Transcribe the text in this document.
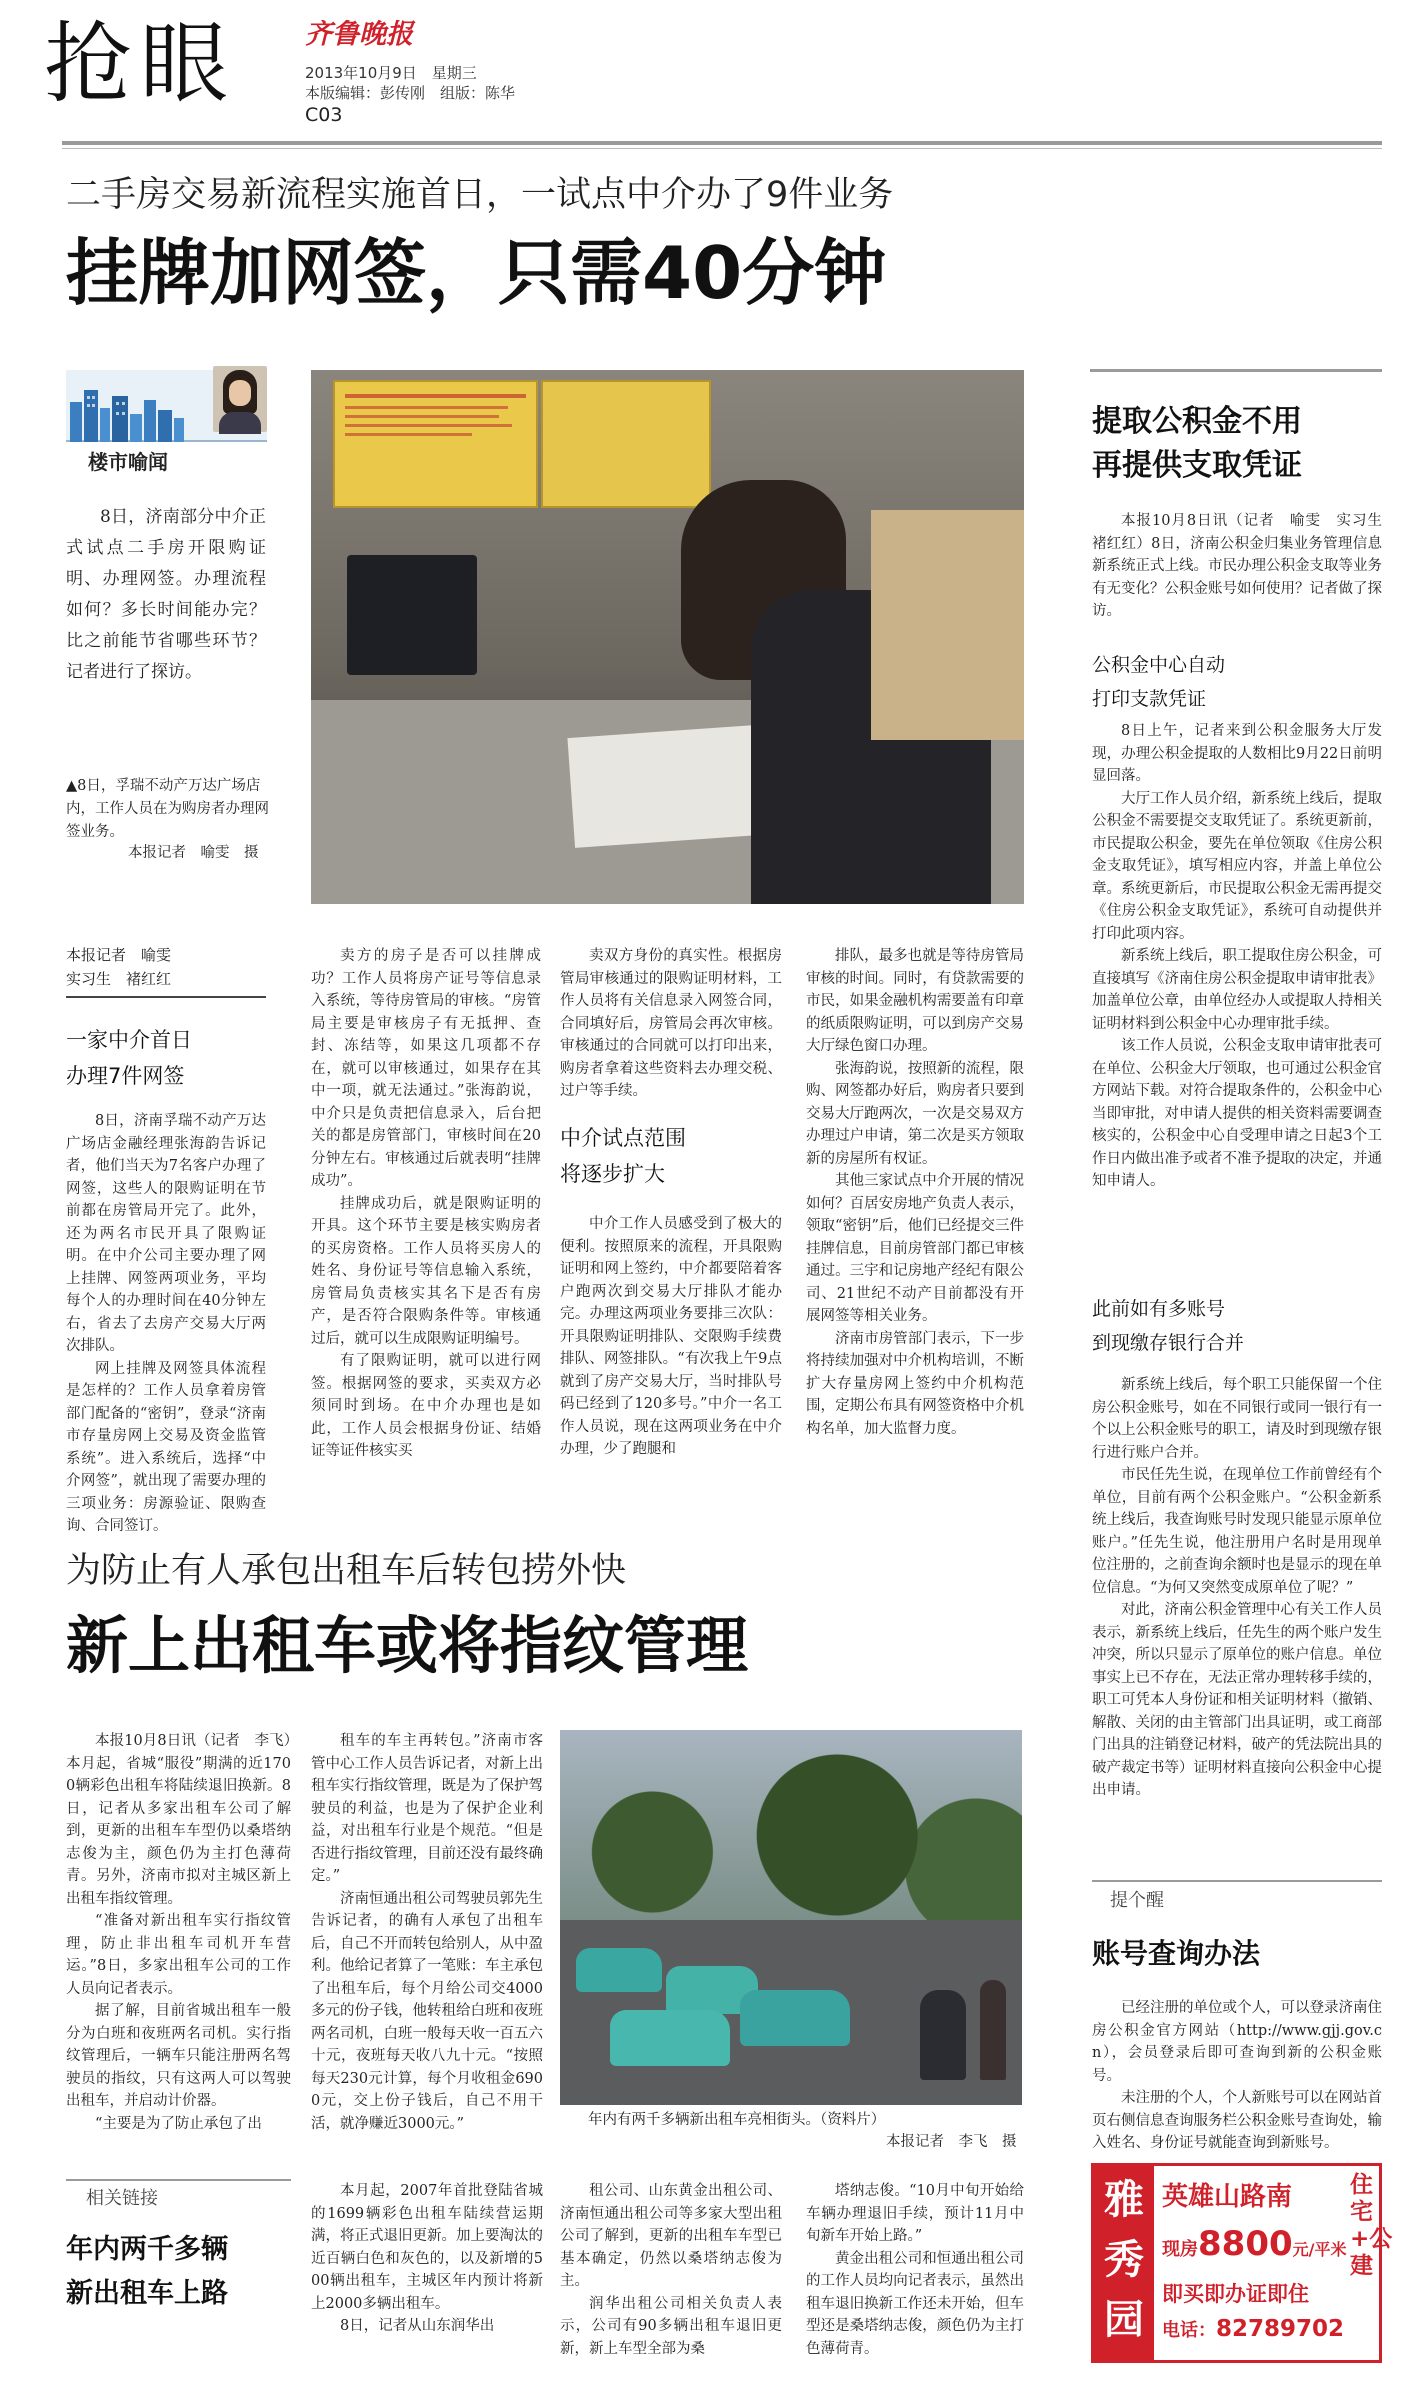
抢眼	齐鲁晚报
2013年10月9日　星期三
本版编辑：彭传刚　组版：陈华
C03
二手房交易新流程实施首日，一试点中介办了9件业务
挂牌加网签，只需40分钟
楼市喻闻
8日，济南部分中介正式试点二手房开限购证明、办理网签。办理流程如何？多长时间能办完？比之前能节省哪些环节？记者进行了探访。
▲8日，孚瑞不动产万达广场店内，工作人员在为购房者办理网签业务。
本报记者　喻雯　摄
本报记者　喻雯
实习生　褚红红
一家中介首日
办理7件网签

8日，济南孚瑞不动产万达广场店金融经理张海韵告诉记者，他们当天为7名客户办理了网签，这些人的限购证明在节前都在房管局开完了。此外，还为两名市民开具了限购证明。在中介公司主要办理了网上挂牌、网签两项业务，平均每个人的办理时间在40分钟左右，省去了去房产交易大厅两次排队。

网上挂牌及网签具体流程是怎样的？工作人员拿着房管部门配备的“密钥”，登录“济南市存量房网上交易及资金监管系统”。进入系统后，选择“中介网签”，就出现了需要办理的三项业务：房源验证、限购查询、合同签订。

卖方的房子是否可以挂牌成功？工作人员将房产证号等信息录入系统，等待房管局的审核。“房管局主要是审核房子有无抵押、查封、冻结等，如果这几项都不存在，就可以审核通过，如果存在其中一项，就无法通过。”张海韵说，中介只是负责把信息录入，后台把关的都是房管部门，审核时间在20分钟左右。审核通过后就表明“挂牌成功”。

挂牌成功后，就是限购证明的开具。这个环节主要是核实购房者的买房资格。工作人员将买房人的姓名、身份证号等信息输入系统，房管局负责核实其名下是否有房产，是否符合限购条件等。审核通过后，就可以生成限购证明编号。

有了限购证明，就可以进行网签。根据网签的要求，买卖双方必须同时到场。在中介办理也是如此，工作人员会根据身份证、结婚证等证件核实买

卖双方身份的真实性。根据房管局审核通过的限购证明材料，工作人员将有关信息录入网签合同，合同填好后，房管局会再次审核。审核通过的合同就可以打印出来，购房者拿着这些资料去办理交税、过户等手续。
中介试点范围
将逐步扩大
中介工作人员感受到了极大的便利。按照原来的流程，开具限购证明和网上签约，中介都要陪着客户跑两次到交易大厅排队才能办完。办理这两项业务要排三次队：开具限购证明排队、交限购手续费排队、网签排队。“有次我上午9点就到了房产交易大厅，当时排队号码已经到了120多号。”中介一名工作人员说，现在这两项业务在中介办理，少了跑腿和

排队，最多也就是等待房管局审核的时间。同时，有贷款需要的市民，如果金融机构需要盖有印章的纸质限购证明，可以到房产交易大厅绿色窗口办理。

张海韵说，按照新的流程，限购、网签都办好后，购房者只要到交易大厅跑两次，一次是交易双方办理过户申请，第二次是买方领取新的房屋所有权证。

其他三家试点中介开展的情况如何？百居安房地产负责人表示，领取“密钥”后，他们已经提交三件挂牌信息，目前房管部门都已审核通过。三宇和记房地产经纪有限公司、21世纪不动产目前都没有开展网签等相关业务。

济南市房管部门表示，下一步将持续加强对中介机构培训，不断扩大存量房网上签约中介机构范围，定期公布具有网签资格中介机构名单，加大监督力度。

为防止有人承包出租车后转包捞外快
新上出租车或将指纹管理

本报10月8日讯（记者　李飞）本月起，省城“服役”期满的近1700辆彩色出租车将陆续退旧换新。8日，记者从多家出租车公司了解到，更新的出租车车型仍以桑塔纳志俊为主，颜色仍为主打色薄荷青。另外，济南市拟对主城区新上出租车指纹管理。

“准备对新出租车实行指纹管理，防止非出租车司机开车营运。”8日，多家出租车公司的工作人员向记者表示。

据了解，目前省城出租车一般分为白班和夜班两名司机。实行指纹管理后，一辆车只能注册两名驾驶员的指纹，只有这两人可以驾驶出租车，并启动计价器。

“主要是为了防止承包了出

租车的车主再转包。”济南市客管中心工作人员告诉记者，对新上出租车实行指纹管理，既是为了保护驾驶员的利益，也是为了保护企业利益，对出租车行业是个规范。“但是否进行指纹管理，目前还没有最终确定。”

济南恒通出租公司驾驶员郭先生告诉记者，的确有人承包了出租车后，自己不开而转包给别人，从中盈利。他给记者算了一笔账：车主承包了出租车后，每个月给公司交4000多元的份子钱，他转租给白班和夜班两名司机，白班一般每天收一百五六十元，夜班每天收八九十元。“按照每天230元计算，每个月收租金6900元，交上份子钱后，自己不用干活，就净赚近3000元。”	年内有两千多辆新出租车亮相街头。（资料片）
本报记者　李飞　摄
相关链接
年内两千多辆
新出租车上路

本月起，2007年首批登陆省城的1699辆彩色出租车陆续营运期满，将正式退旧更新。加上要淘汰的近百辆白色和灰色的，以及新增的500辆出租车，主城区年内预计将新上2000多辆出租车。

8日，记者从山东润华出

租公司、山东黄金出租公司、济南恒通出租公司等多家大型出租公司了解到，更新的出租车车型已基本确定，仍然以桑塔纳志俊为主。

润华出租公司相关负责人表示，公司有90多辆出租车退旧更新，新上车型全部为桑

塔纳志俊。“10月中旬开始给车辆办理退旧手续，预计11月中旬新车开始上路。”

黄金出租公司和恒通出租公司的工作人员均向记者表示，虽然出租车退旧换新工作还未开始，但车型还是桑塔纳志俊，颜色仍为主打色薄荷青。

提取公积金不用
再提供支取凭证
本报10月8日讯（记者　喻雯　实习生　褚红红）8日，济南公积金归集业务管理信息新系统正式上线。市民办理公积金支取等业务有无变化？公积金账号如何使用？记者做了探访。
公积金中心自动
打印支款凭证

8日上午，记者来到公积金服务大厅发现，办理公积金提取的人数相比9月22日前明显回落。

大厅工作人员介绍，新系统上线后，提取公积金不需要提交支取凭证了。系统更新前，市民提取公积金，要先在单位领取《住房公积金支取凭证》，填写相应内容，并盖上单位公章。系统更新后，市民提取公积金无需再提交《住房公积金支取凭证》，系统可自动提供并打印此项内容。

新系统上线后，职工提取住房公积金，可直接填写《济南住房公积金提取申请审批表》加盖单位公章，由单位经办人或提取人持相关证明材料到公积金中心办理审批手续。

该工作人员说，公积金支取申请审批表可在单位、公积金大厅领取，也可通过公积金官方网站下载。对符合提取条件的，公积金中心当即审批，对申请人提供的相关资料需要调查核实的，公积金中心自受理申请之日起3个工作日内做出准予或者不准予提取的决定，并通知申请人。

此前如有多账号
到现缴存银行合并

新系统上线后，每个职工只能保留一个住房公积金账号，如在不同银行或同一银行有一个以上公积金账号的职工，请及时到现缴存银行进行账户合并。

市民任先生说，在现单位工作前曾经有个单位，目前有两个公积金账户。“公积金新系统上线后，我查询账号时发现只能显示原单位账户。”任先生说，他注册用户名时是用现单位注册的，之前查询余额时也是显示的现在单位信息。“为何又突然变成原单位了呢？”

对此，济南公积金管理中心有关工作人员表示，新系统上线后，任先生的两个账户发生冲突，所以只显示了原单位的账户信息。单位事实上已不存在，无法正常办理转移手续的，职工可凭本人身份证和相关证明材料（撤销、解散、关闭的由主管部门出具证明，或工商部门出具的注销登记材料，破产的凭法院出具的破产裁定书等）证明材料直接向公积金中心提出申请。

提个醒
账号查询办法

已经注册的单位或个人，可以登录济南住房公积金官方网站（http://www.gjj.gov.cn），会员登录后即可查询到新的公积金账号。

未注册的个人，个人新账号可以在网站首页右侧信息查询服务栏公积金账号查询处，输入姓名、身份证号就能查询到新账号。

雅
秀
园
英雄山路南
现房8800元/平米
即买即办证即住
电话：82789702
住宅+公建
